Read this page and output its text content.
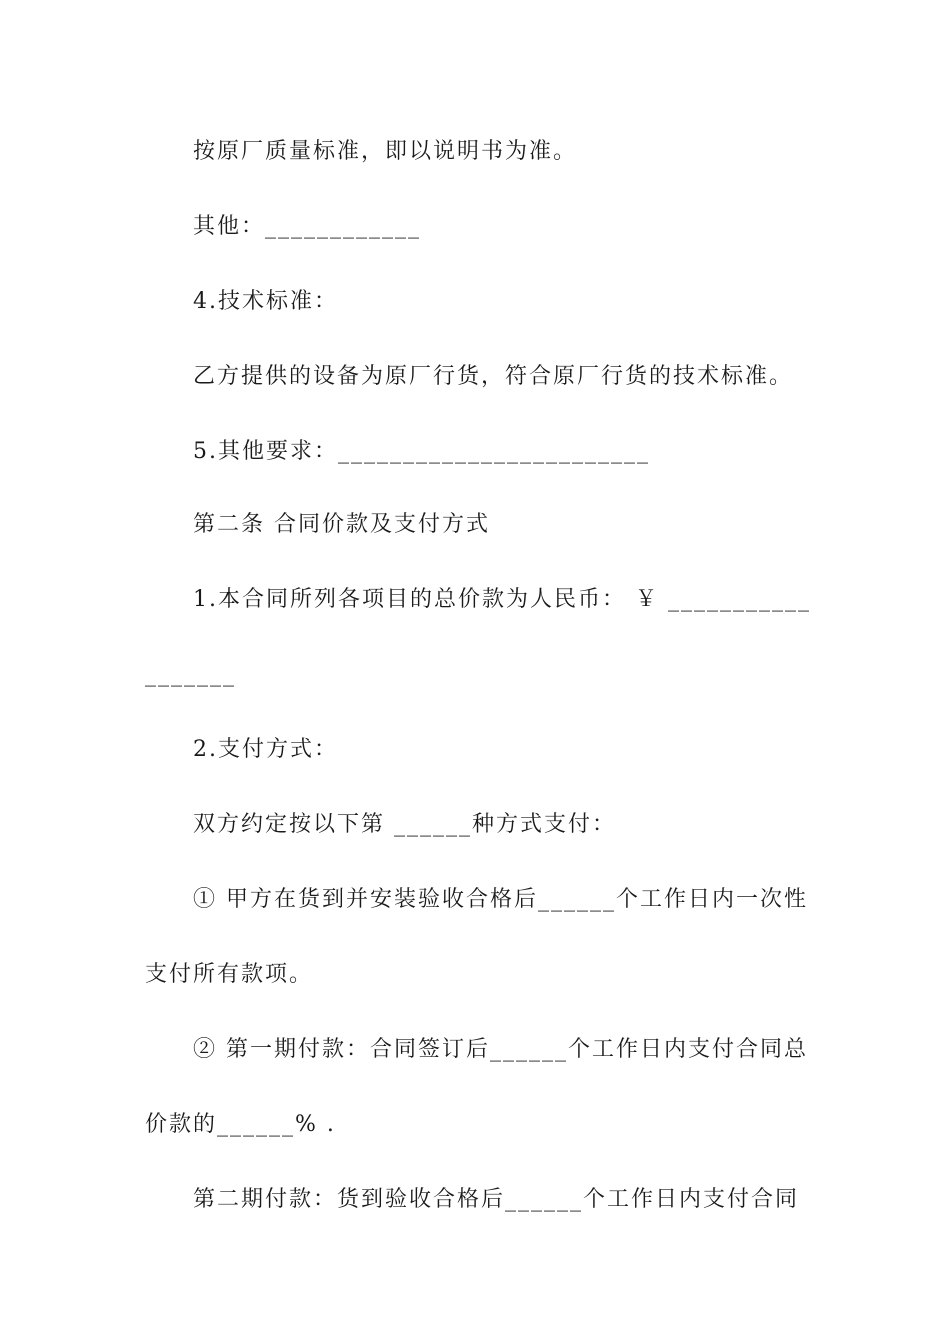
按原厂质量标准，即以说明书为准。
其他：____________
4.技术标准：
乙方提供的设备为原厂行货，符合原厂行货的技术标准。
5.其他要求：________________________
第二条 合同价款及支付方式
1.本合同所列各项目的总价款为人民币： ￥ ___________
_______
2.支付方式：
双方约定按以下第 ______种方式支付：
① 甲方在货到并安装验收合格后______个工作日内一次性
支付所有款项。
② 第一期付款：合同签订后______个工作日内支付合同总
价款的______% .
第二期付款：货到验收合格后______个工作日内支付合同
